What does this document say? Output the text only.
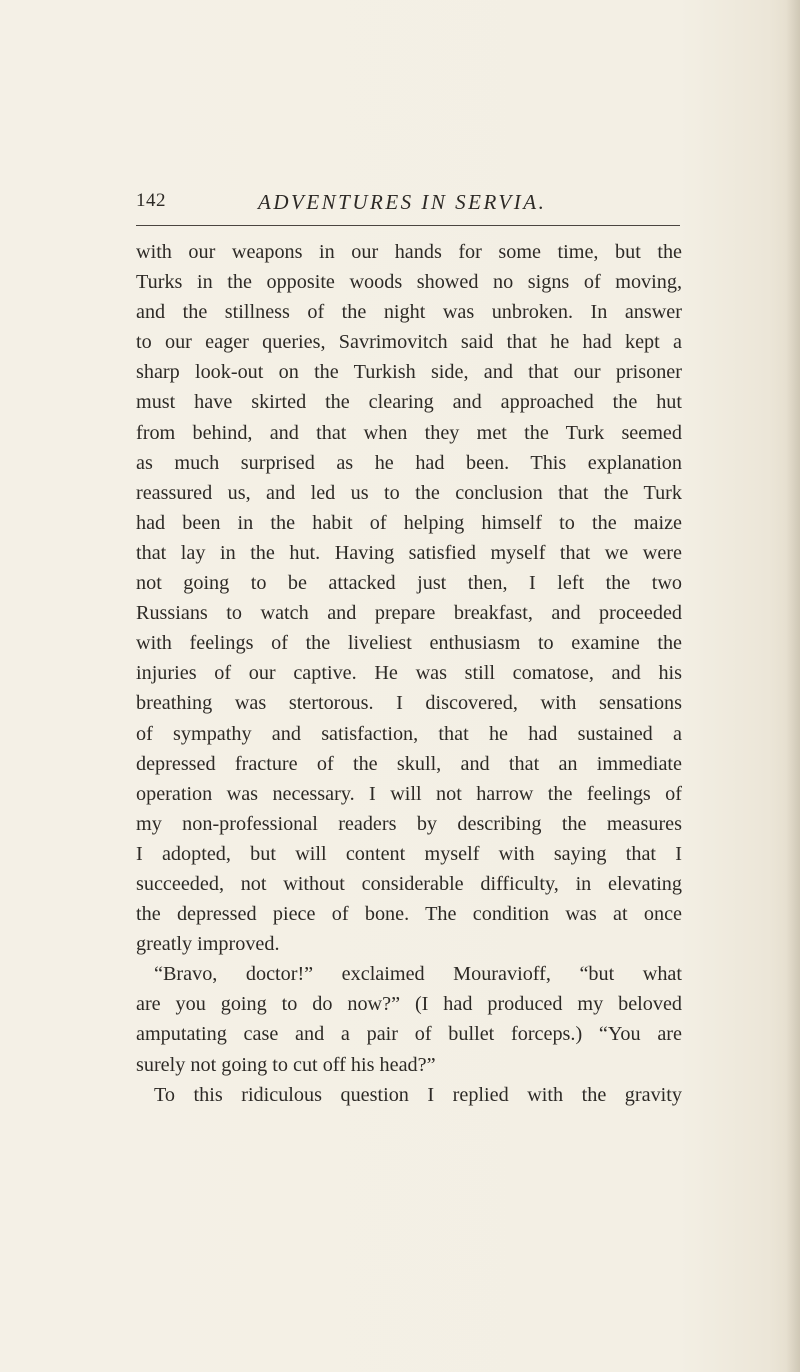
142	ADVENTURES IN SERVIA.
with our weapons in our hands for some time, but the
Turks in the opposite woods showed no signs of moving,
and the stillness of the night was unbroken. In answer
to our eager queries, Savrimovitch said that he had kept a
sharp look-out on the Turkish side, and that our prisoner
must have skirted the clearing and approached the hut
from behind, and that when they met the Turk seemed
as much surprised as he had been. This explanation
reassured us, and led us to the conclusion that the Turk
had been in the habit of helping himself to the maize
that lay in the hut. Having satisfied myself that we were
not going to be attacked just then, I left the two
Russians to watch and prepare breakfast, and proceeded
with feelings of the liveliest enthusiasm to examine the
injuries of our captive. He was still comatose, and his
breathing was stertorous. I discovered, with sensations
of sympathy and satisfaction, that he had sustained a
depressed fracture of the skull, and that an immediate
operation was necessary. I will not harrow the feelings of
my non-professional readers by describing the measures
I adopted, but will content myself with saying that I
succeeded, not without considerable difficulty, in elevating
the depressed piece of bone. The condition was at once
greatly improved.
“Bravo, doctor!” exclaimed Mouravioff, “but what
are you going to do now?” (I had produced my beloved
amputating case and a pair of bullet forceps.) “You are
surely not going to cut off his head?”
To this ridiculous question I replied with the gravity
